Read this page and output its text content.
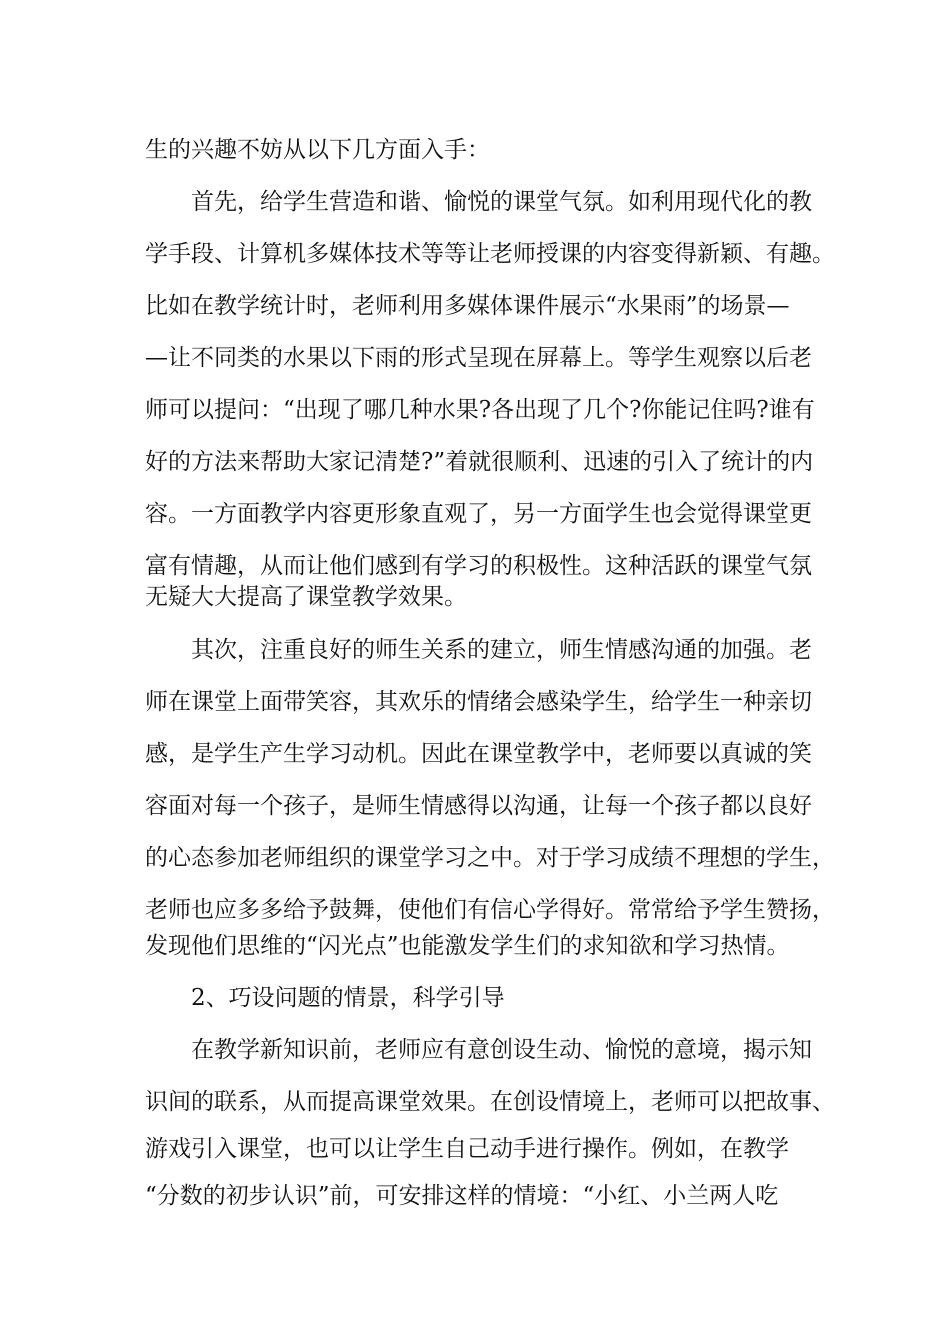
生的兴趣不妨从以下几方面入手：
首先，给学生营造和谐、愉悦的课堂气氛。如利用现代化的教
学手段、计算机多媒体技术等等让老师授课的内容变得新颖、有趣。
比如在教学统计时，老师利用多媒体课件展示“水果雨”的场景—
—让不同类的水果以下雨的形式呈现在屏幕上。等学生观察以后老
师可以提问：“出现了哪几种水果?各出现了几个?你能记住吗?谁有
好的方法来帮助大家记清楚?”着就很顺利、迅速的引入了统计的内
容。一方面教学内容更形象直观了，另一方面学生也会觉得课堂更
富有情趣，从而让他们感到有学习的积极性。这种活跃的课堂气氛
无疑大大提高了课堂教学效果。
其次，注重良好的师生关系的建立，师生情感沟通的加强。老
师在课堂上面带笑容，其欢乐的情绪会感染学生，给学生一种亲切
感，是学生产生学习动机。因此在课堂教学中，老师要以真诚的笑
容面对每一个孩子，是师生情感得以沟通，让每一个孩子都以良好
的心态参加老师组织的课堂学习之中。对于学习成绩不理想的学生，
老师也应多多给予鼓舞，使他们有信心学得好。常常给予学生赞扬，
发现他们思维的“闪光点”也能激发学生们的求知欲和学习热情。
2、巧设问题的情景，科学引导
在教学新知识前，老师应有意创设生动、愉悦的意境，揭示知
识间的联系，从而提高课堂效果。在创设情境上，老师可以把故事、
游戏引入课堂，也可以让学生自己动手进行操作。例如，在教学
“分数的初步认识”前，可安排这样的情境：“小红、小兰两人吃
